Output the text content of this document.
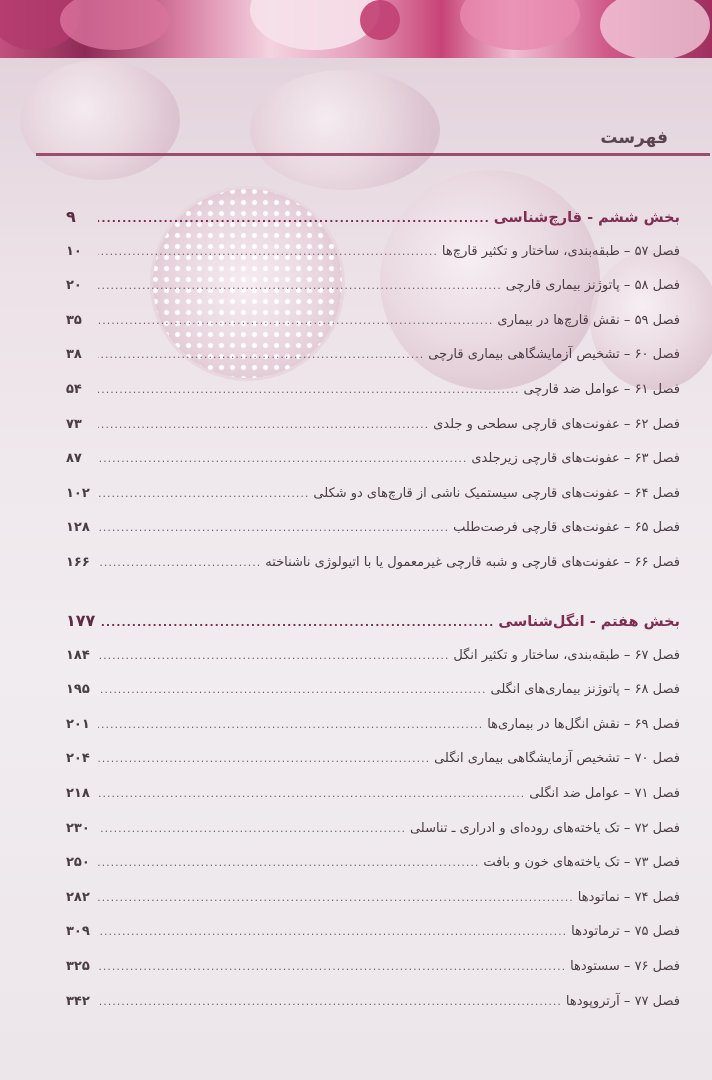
فهرست
بخش ششم - قارچ‌شناسی
.....
۹
فصل ۵۷ – طبقه‌بندی، ساختار و تکثیر قارچ‌ها
.....
۱۰
فصل ۵۸ – پاتوژنز بیماری قارچی
.....
۲۰
فصل ۵۹ – نقش قارچ‌ها در بیماری
.....
۳۵
فصل ۶۰ – تشخیص آزمایشگاهی بیماری قارچی
.....
۳۸
فصل ۶۱ – عوامل ضد قارچی
.....
۵۴
فصل ۶۲ – عفونت‌های قارچی سطحی و جلدی
.....
۷۳
فصل ۶۳ – عفونت‌های قارچی زیرجلدی
.....
۸۷
فصل ۶۴ – عفونت‌های قارچی سیستمیک ناشی از قارچ‌های دو شکلی
.....
۱۰۲
فصل ۶۵ – عفونت‌های قارچی فرصت‌طلب
.....
۱۲۸
فصل ۶۶ – عفونت‌های قارچی و شبه قارچی غیرمعمول یا با اتیولوژی ناشناخته
.....
۱۶۶
بخش هفتم - انگل‌شناسی
.....
۱۷۷
فصل ۶۷ – طبقه‌بندی، ساختار و تکثیر انگل
.....
۱۸۴
فصل ۶۸ – پاتوژنز بیماری‌های انگلی
.....
۱۹۵
فصل ۶۹ – نقش انگل‌ها در بیماری‌ها
.....
۲۰۱
فصل ۷۰ – تشخیص آزمایشگاهی بیماری انگلی
.....
۲۰۴
فصل ۷۱ – عوامل ضد انگلی
.....
۲۱۸
فصل ۷۲ – تک یاخته‌های روده‌ای و ادراری ـ تناسلی
.....
۲۳۰
فصل ۷۳ – تک یاخته‌های خون و بافت
.....
۲۵۰
فصل ۷۴ – نماتودها
.....
۲۸۲
فصل ۷۵ – ترماتودها
.....
۳۰۹
فصل ۷۶ – سستودها
.....
۳۲۵
فصل ۷۷ – آرتروپودها
.....
۳۴۲
